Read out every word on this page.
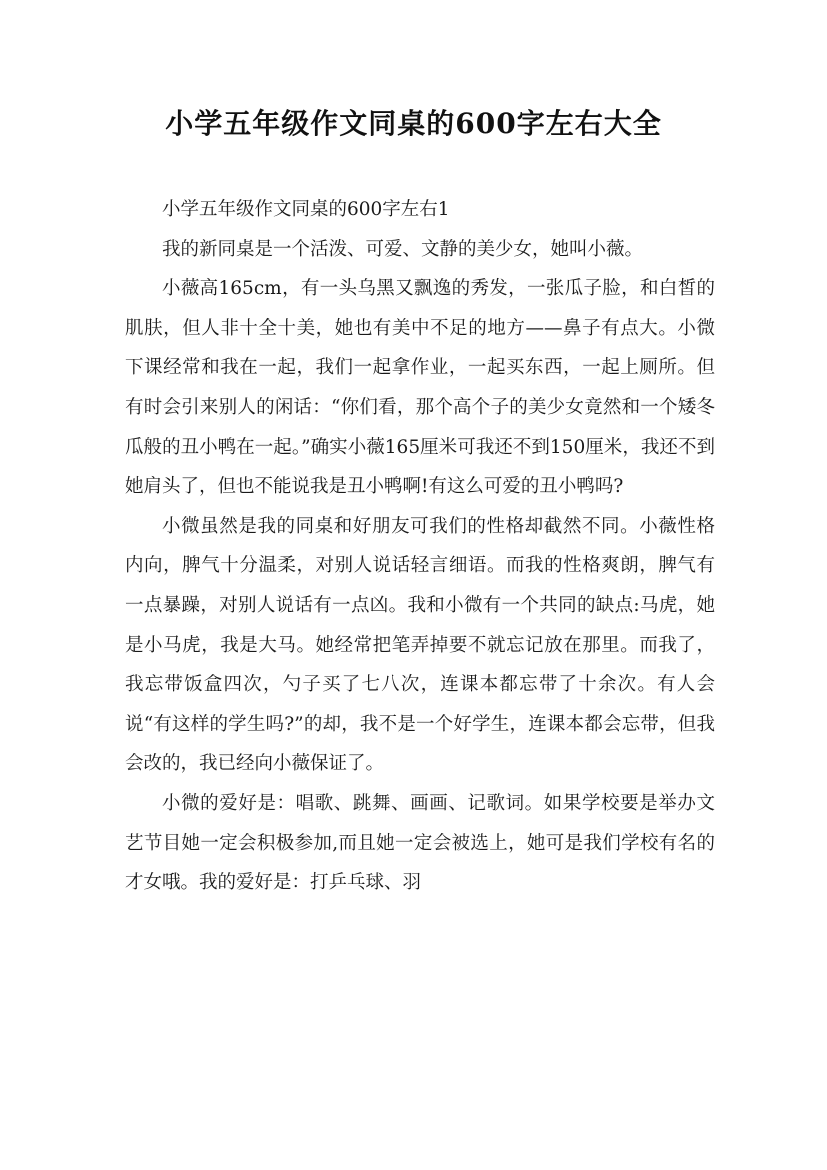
小学五年级作文同桌的600字左右大全

小学五年级作文同桌的600字左右1

我的新同桌是一个活泼、可爱、文静的美少女，她叫小薇。

小薇高165cm，有一头乌黑又飘逸的秀发，一张瓜子脸，和白皙的肌肤，但人非十全十美，她也有美中不足的地方——鼻子有点大。小微下课经常和我在一起，我们一起拿作业，一起买东西，一起上厕所。但有时会引来别人的闲话：“你们看，那个高个子的美少女竟然和一个矮冬瓜般的丑小鸭在一起。”确实小薇165厘米可我还不到150厘米，我还不到她肩头了，但也不能说我是丑小鸭啊!有这么可爱的丑小鸭吗?

小微虽然是我的同桌和好朋友可我们的性格却截然不同。小薇性格内向，脾气十分温柔，对别人说话轻言细语。而我的性格爽朗，脾气有一点暴躁，对别人说话有一点凶。我和小微有一个共同的缺点:马虎，她是小马虎，我是大马。她经常把笔弄掉要不就忘记放在那里。而我了，我忘带饭盒四次，勺子买了七八次，连课本都忘带了十余次。有人会说“有这样的学生吗?”的却，我不是一个好学生，连课本都会忘带，但我会改的，我已经向小薇保证了。

小微的爱好是：唱歌、跳舞、画画、记歌词。如果学校要是举办文艺节目她一定会积极参加,而且她一定会被选上，她可是我们学校有名的才女哦。我的爱好是：打乒乓球、羽
